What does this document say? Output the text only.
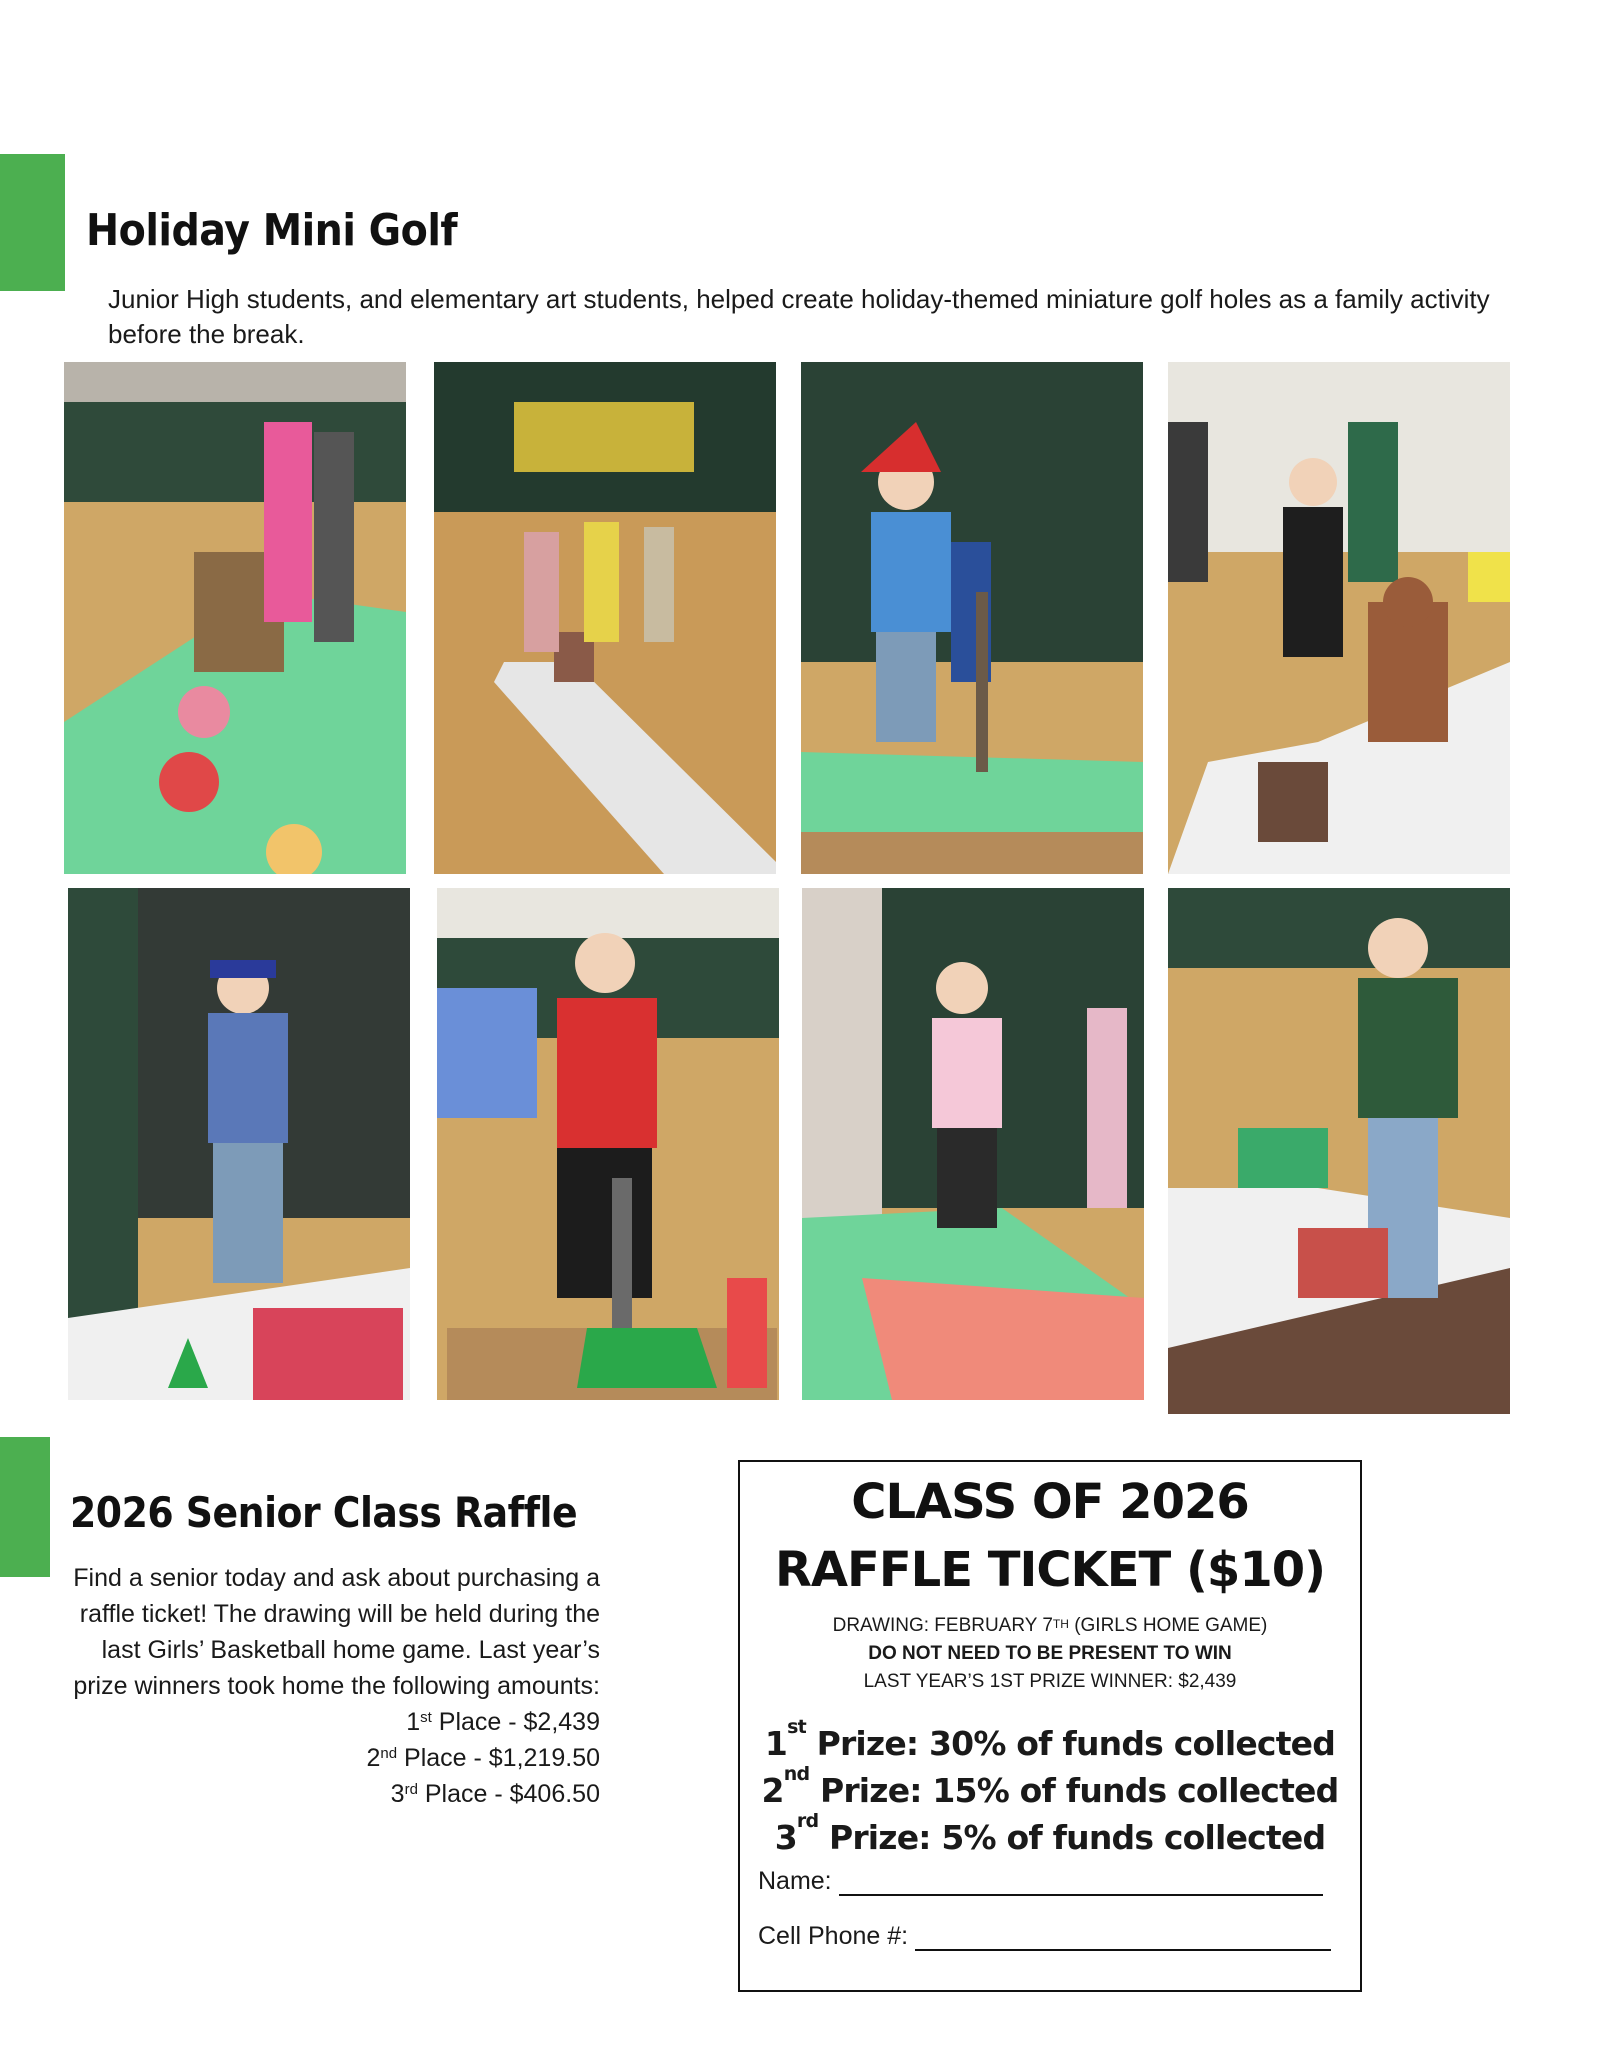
Holiday Mini Golf

Junior High students, and elementary art students, helped create holiday-themed miniature golf holes as a family activity before the break.

2026 Senior Class Raffle

Find a senior today and ask about purchasing a raffle ticket! The drawing will be held during the last Girls’ Basketball home game. Last year’s prize winners took home the following amounts:

1st Place - $2,439
2nd Place - $1,219.50
3rd Place - $406.50
CLASS OF 2026
RAFFLE TICKET ($10)
DRAWING: FEBRUARY 7TH (GIRLS HOME GAME)
DO NOT NEED TO BE PRESENT TO WIN
LAST YEAR’S 1ST PRIZE WINNER: $2,439
1st Prize: 30% of funds collected
2nd Prize: 15% of funds collected
3rd Prize: 5% of funds collected
Name:
Cell Phone #:
